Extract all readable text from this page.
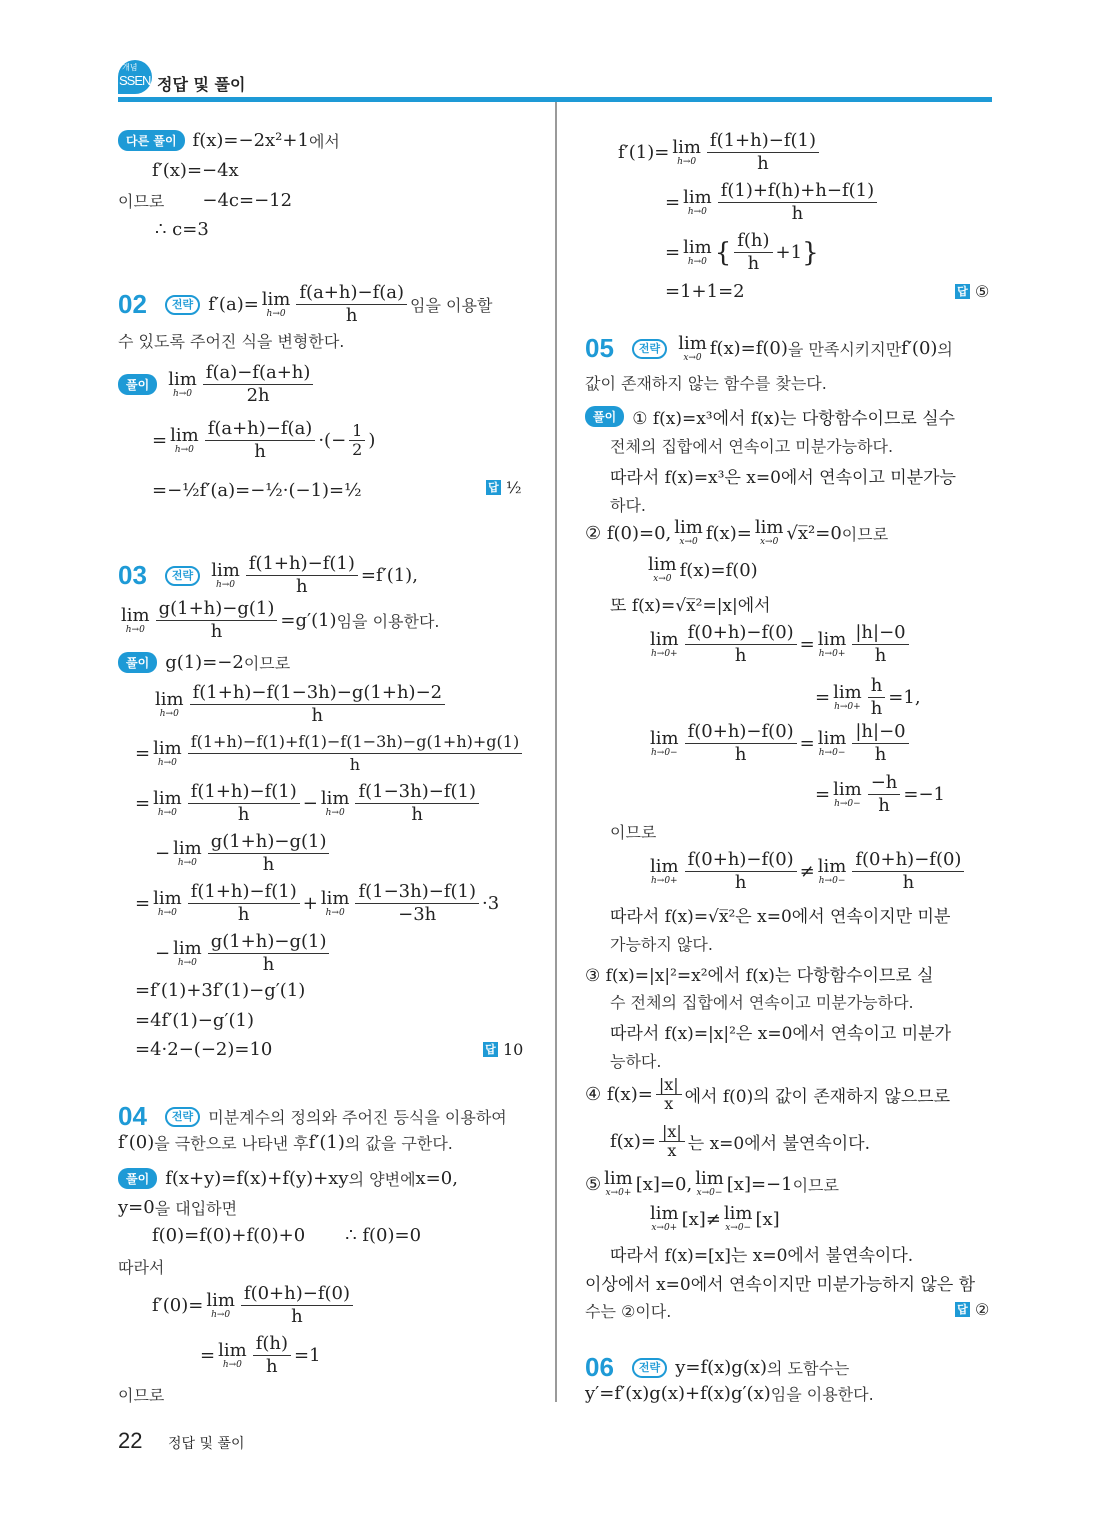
개념
SSEN 정답 및 풀이
다른 풀이 f(x)=−2x²+1 에서
f′(x)=−4x
이므로 −4c=−12
∴ c=3
02	전략 f′(a)= lim
$h\to 0 \frac{f(a+h)-f(a)}{h}$ 임을 이용할
수 있도록 주어진 식을 변형한다.
풀이	lim
$h\to 0 \frac{f(a)-f(a+h)}{2h}$
= lim
$h\to 0 \frac{f(a+h)-f(a)}{h}$ ·(− $\frac{1}{2}$ )
=−½f′(a)=−½·(−1)=½	답 ½
03	전략	lim
$h\to 0 \frac{f(1+h)-f(1)}{h} =f'(1)$,
lim
$h\to 0 \frac{g(1+h)-g(1)}{h} =g'(1)$ 임을 이용한다.
풀이 g(1)=−2 이므로
lim
$h\to 0 \frac{f(1+h)-f(1-3h)-g(1+h)-2}{h}$
= lim
$h\to 0 \frac{f(1+h)-f(1)+f(1)-f(1-3h)-g(1+h)+g(1)}{h}$
= lim
$h\to 0 \frac{f(1+h)-f(1)}{h} - \lim$
$h\to 0 \frac{f(1-3h)-f(1)}{h}$
− lim
$h\to 0 \frac{g(1+h)-g(1)}{h}$
= lim
$h\to 0 \frac{f(1+h)-f(1)}{h} + \lim$
$h\to 0 \frac{f(1-3h)-f(1)}{-3h} \cdot 3$
− lim
$h\to 0 \frac{g(1+h)-g(1)}{h}$
=f′(1)+3f′(1)−g′(1)
=4f′(1)−g′(1)
=4·2−(−2)=10	답 10
04	전략 미분계수의 정의와 주어진 등식을 이용하여
f′(0) 을 극한으로 나타낸 후 f′(1) 의 값을 구한다.
풀이 f(x+y)=f(x)+f(y)+xy 의 양변에 x=0,
y=0 을 대입하면
f(0)=f(0)+f(0)+0 ∴ f(0)=0
따라서
f′(0)= lim
$h\to 0 \frac{f(0+h)-f(0)}{h}$
= lim
$h\to 0 \frac{f(h)}{h} =1$
이므로
f′(1)= lim
$h\to 0 \frac{f(1+h)-f(1)}{h}$
= lim
$h\to 0 \frac{f(1)+f(h)+h-f(1)}{h}$
= lim
h→0 { $\frac{f(h)}{h} +1$ }
=1+1=2	답 ⑤
05	전략	lim
x→0 f(x)=f(0) 을 만족시키지만 f′(0) 의
값이 존재하지 않는 함수를 찾는다.
풀이 ① f(x)=x³에서 f(x)는 다항함수이므로 실수
전체의 집합에서 연속이고 미분가능하다.
따라서 f(x)=x³은 x=0에서 연속이고 미분가능
하다.
② f(0)=0, lim
x→0 f(x)= lim
x→0 √x̅²=0 이므로
lim
x→0 f(x)=f(0)
또 f(x)=√x̅²=|x|에서
lim
$h\to 0+ \frac{f(0+h)-f(0)}{h} = \lim$
$h\to 0+ \frac{|h|-0}{h}$
= lim
$h\to 0+ \frac{h}{h} =1$,
lim
$h\to 0- \frac{f(0+h)-f(0)}{h} = \lim$
$h\to 0- \frac{|h|-0}{h}$
= lim
$h\to 0- \frac{-h}{h} =-1$
이므로
lim
$h\to 0+ \frac{f(0+h)-f(0)}{h} \ne \lim$
$h\to 0- \frac{f(0+h)-f(0)}{h}$
따라서 f(x)=√x̅²은 x=0에서 연속이지만 미분
가능하지 않다.
③ f(x)=|x|²=x²에서 f(x)는 다항함수이므로 실
수 전체의 집합에서 연속이고 미분가능하다.
따라서 f(x)=|x|²은 x=0에서 연속이고 미분가
능하다.
④ $f(x)= \frac{|x|}{x}$ 에서 f(0)의 값이 존재하지 않으므로
$f(x)= \frac{|x|}{x}$ 는 x=0에서 불연속이다.
⑤ lim
x→0+ [x]=0, lim
x→0− [x]=−1 이므로
lim
x→0+ [x]≠ lim
x→0− [x]
따라서 f(x)=[x]는 x=0에서 불연속이다.
이상에서 x=0에서 연속이지만 미분가능하지 않은 함
수는 ②이다.	답 ②
06	전략 y=f(x)g(x) 의 도함수는
y′=f′(x)g(x)+f(x)g′(x) 임을 이용한다.
22 정답 및 풀이
